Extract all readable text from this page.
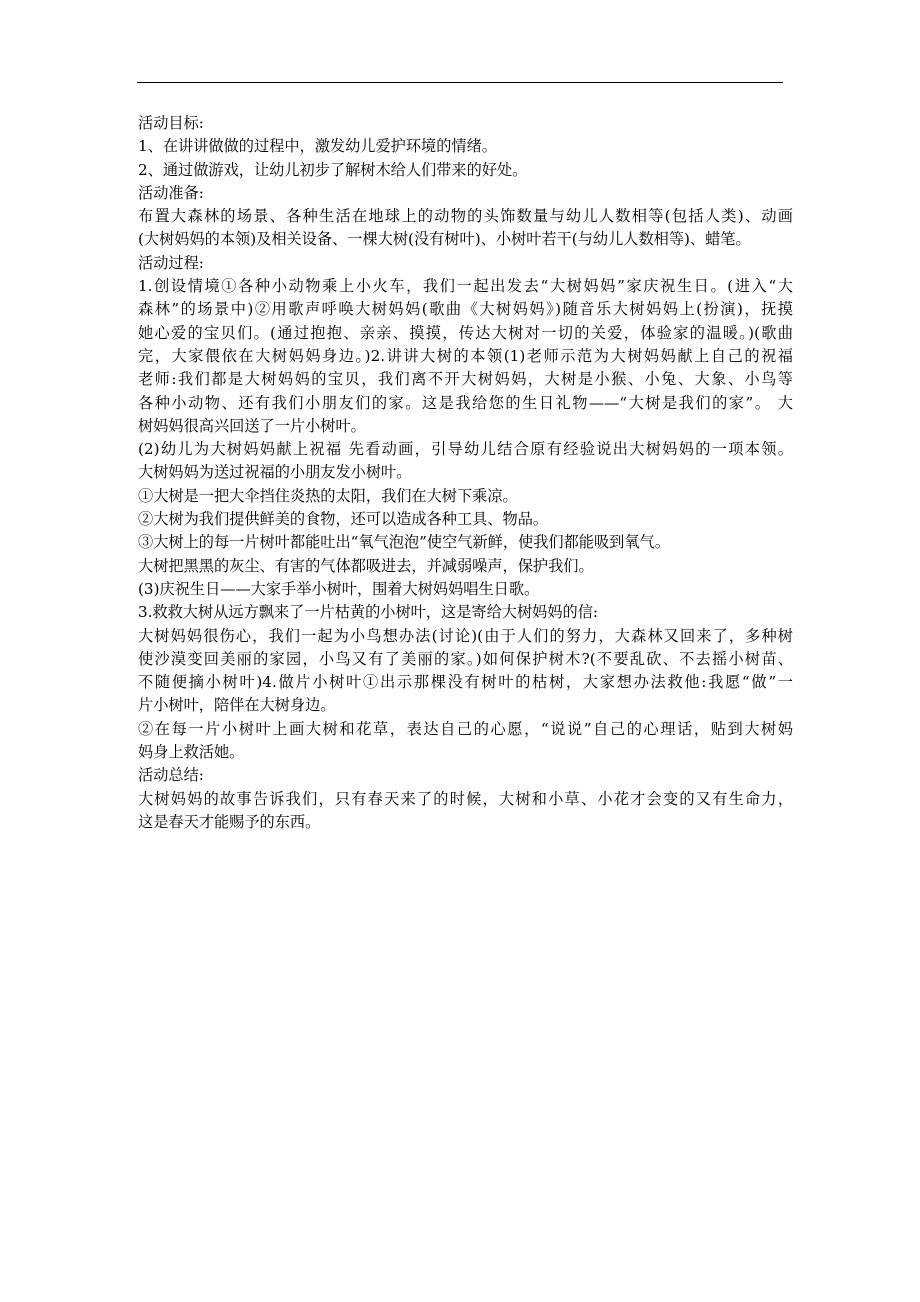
活动目标:
1、在讲讲做做的过程中，激发幼儿爱护环境的情绪。
2、通过做游戏，让幼儿初步了解树木给人们带来的好处。
活动准备:
布置大森林的场景、各种生活在地球上的动物的头饰数量与幼儿人数相等(包括人类)、动画
(大树妈妈的本领)及相关设备、一棵大树(没有树叶)、小树叶若干(与幼儿人数相等)、蜡笔。
活动过程:
1.创设情境①各种小动物乘上小火车，我们一起出发去“大树妈妈”家庆祝生日。(进入“大
森林”的场景中)②用歌声呼唤大树妈妈(歌曲《大树妈妈》)随音乐大树妈妈上(扮演)，抚摸
她心爱的宝贝们。(通过抱抱、亲亲、摸摸，传达大树对一切的关爱，体验家的温暖。)(歌曲
完，大家偎依在大树妈妈身边。)2.讲讲大树的本领(1)老师示范为大树妈妈献上自己的祝福
老师:我们都是大树妈妈的宝贝，我们离不开大树妈妈，大树是小猴、小兔、大象、小鸟等
各种小动物、还有我们小朋友们的家。这是我给您的生日礼物——“大树是我们的家”。 大
树妈妈很高兴回送了一片小树叶。
(2)幼儿为大树妈妈献上祝福 先看动画，引导幼儿结合原有经验说出大树妈妈的一项本领。
大树妈妈为送过祝福的小朋友发小树叶。
①大树是一把大伞挡住炎热的太阳，我们在大树下乘凉。
②大树为我们提供鲜美的食物，还可以造成各种工具、物品。
③大树上的每一片树叶都能吐出“氧气泡泡”使空气新鲜，使我们都能吸到氧气。
大树把黑黑的灰尘、有害的气体都吸进去，并减弱噪声，保护我们。
(3)庆祝生日——大家手举小树叶，围着大树妈妈唱生日歌。
3.救救大树从远方飘来了一片枯黄的小树叶，这是寄给大树妈妈的信:
大树妈妈很伤心，我们一起为小鸟想办法(讨论)(由于人们的努力，大森林又回来了，多种树
使沙漠变回美丽的家园，小鸟又有了美丽的家。)如何保护树木?(不要乱砍、不去摇小树苗、
不随便摘小树叶)4.做片小树叶①出示那棵没有树叶的枯树，大家想办法救他:我愿“做”一
片小树叶，陪伴在大树身边。
②在每一片小树叶上画大树和花草，表达自己的心愿，“说说”自己的心理话，贴到大树妈
妈身上救活她。
活动总结:
大树妈妈的故事告诉我们，只有春天来了的时候，大树和小草、小花才会变的又有生命力，
这是春天才能赐予的东西。
